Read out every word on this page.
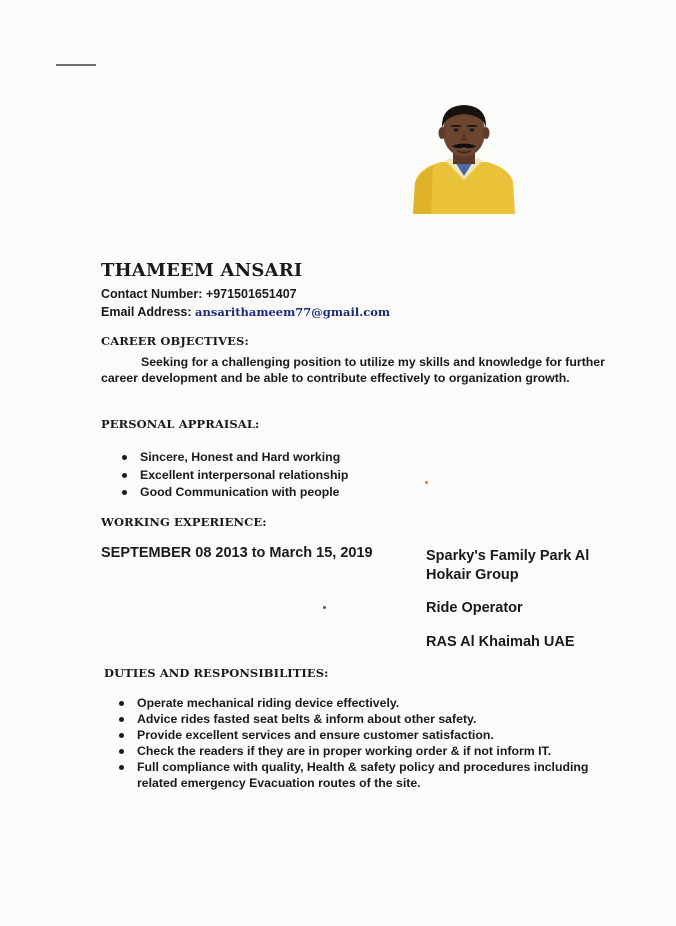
THAMEEM ANSARI
Contact Number: +971501651407
Email Address: ansarithameem77@gmail.com
CAREER OBJECTIVES:

Seeking for a challenging position to utilize my skills and knowledge for further career development and be able to contribute effectively to organization growth.

PERSONAL APPRAISAL:
Sincere, Honest and Hard working
Excellent interpersonal relationship
Good Communication with people
WORKING EXPERIENCE:
SEPTEMBER 08 2013 to March 15, 2019	Sparky's Family Park Al Hokair Group
Ride Operator
RAS Al Khaimah UAE
DUTIES AND RESPONSIBILITIES:
Operate mechanical riding device effectively.
Advice rides fasted seat belts & inform about other safety.
Provide excellent services and ensure customer satisfaction.
Check the readers if they are in proper working order & if not inform IT.
Full compliance with quality, Health & safety policy and procedures including related emergency Evacuation routes of the site.
